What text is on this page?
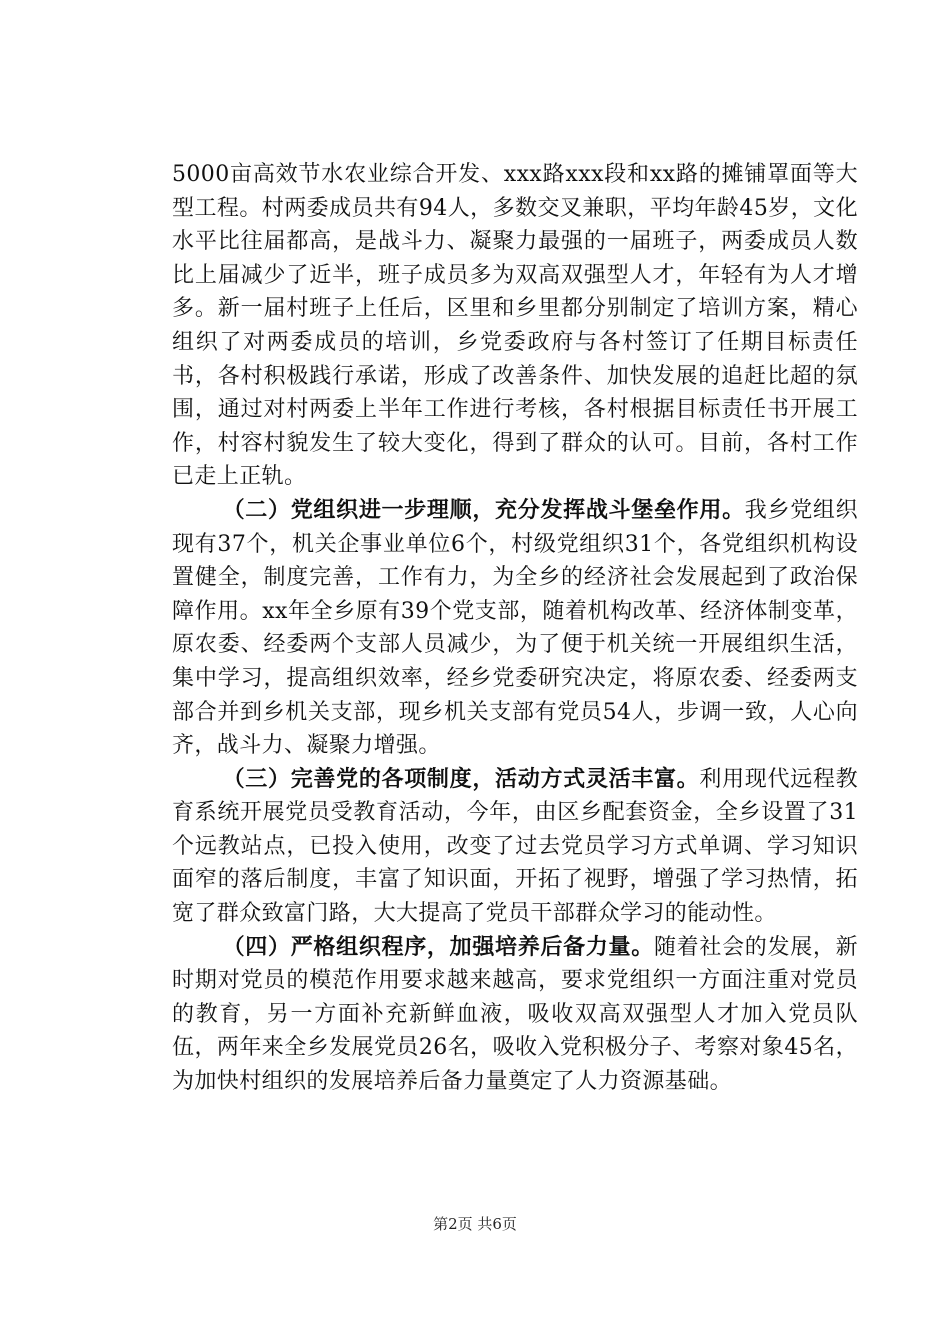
5000亩高效节水农业综合开发、xxx路xxx段和xx路的摊铺罩面等大型工程。村两委成员共有94人，多数交叉兼职，平均年龄45岁，文化水平比往届都高，是战斗力、凝聚力最强的一届班子，两委成员人数比上届减少了近半，班子成员多为双高双强型人才，年轻有为人才增多。新一届村班子上任后，区里和乡里都分别制定了培训方案，精心组织了对两委成员的培训，乡党委政府与各村签订了任期目标责任书，各村积极践行承诺，形成了改善条件、加快发展的追赶比超的氛围，通过对村两委上半年工作进行考核，各村根据目标责任书开展工作，村容村貌发生了较大变化，得到了群众的认可。目前，各村工作已走上正轨。

（二）党组织进一步理顺，充分发挥战斗堡垒作用。我乡党组织现有37个，机关企事业单位6个，村级党组织31个，各党组织机构设置健全，制度完善，工作有力，为全乡的经济社会发展起到了政治保障作用。xx年全乡原有39个党支部，随着机构改革、经济体制变革，原农委、经委两个支部人员减少，为了便于机关统一开展组织生活，集中学习，提高组织效率，经乡党委研究决定，将原农委、经委两支部合并到乡机关支部，现乡机关支部有党员54人，步调一致，人心向齐，战斗力、凝聚力增强。

（三）完善党的各项制度，活动方式灵活丰富。利用现代远程教育系统开展党员受教育活动，今年，由区乡配套资金，全乡设置了31个远教站点，已投入使用，改变了过去党员学习方式单调、学习知识面窄的落后制度，丰富了知识面，开拓了视野，增强了学习热情，拓宽了群众致富门路，大大提高了党员干部群众学习的能动性。

（四）严格组织程序，加强培养后备力量。随着社会的发展，新时期对党员的模范作用要求越来越高，要求党组织一方面注重对党员的教育，另一方面补充新鲜血液，吸收双高双强型人才加入党员队伍，两年来全乡发展党员26名，吸收入党积极分子、考察对象45名，为加快村组织的发展培养后备力量奠定了人力资源基础。

第2页 共6页
